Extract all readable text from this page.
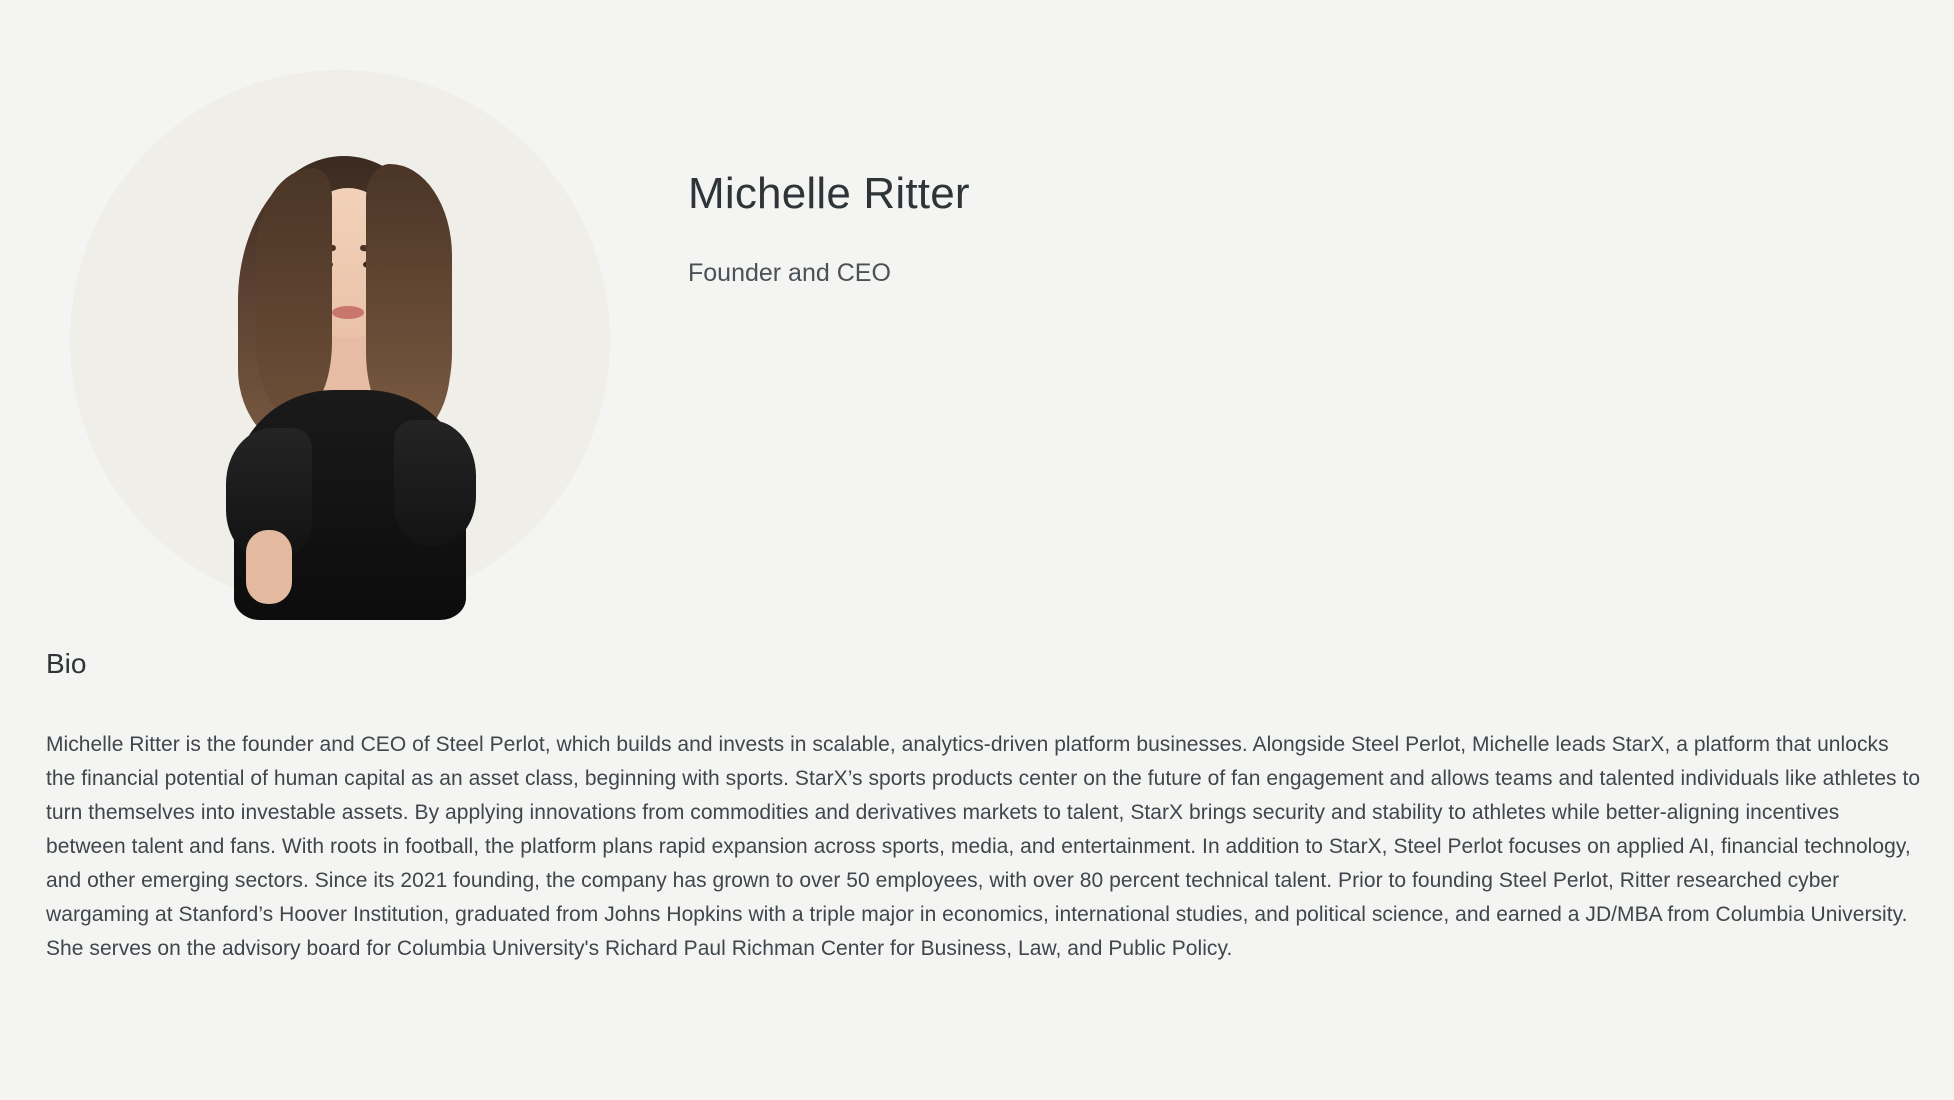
Michelle Ritter
Founder and CEO
Bio

Michelle Ritter is the founder and CEO of Steel Perlot, which builds and invests in scalable, analytics-driven platform businesses. Alongside Steel Perlot, Michelle leads StarX, a platform that unlocks the financial potential of human capital as an asset class, beginning with sports. StarX’s sports products center on the future of fan engagement and allows teams and talented individuals like athletes to turn themselves into investable assets. By applying innovations from commodities and derivatives markets to talent, StarX brings security and stability to athletes while better-aligning incentives between talent and fans. With roots in football, the platform plans rapid expansion across sports, media, and entertainment. In addition to StarX, Steel Perlot focuses on applied AI, financial technology, and other emerging sectors. Since its 2021 founding, the company has grown to over 50 employees, with over 80 percent technical talent. Prior to founding Steel Perlot, Ritter researched cyber wargaming at Stanford’s Hoover Institution, graduated from Johns Hopkins with a triple major in economics, international studies, and political science, and earned a JD/MBA from Columbia University. She serves on the advisory board for Columbia University's Richard Paul Richman Center for Business, Law, and Public Policy.
